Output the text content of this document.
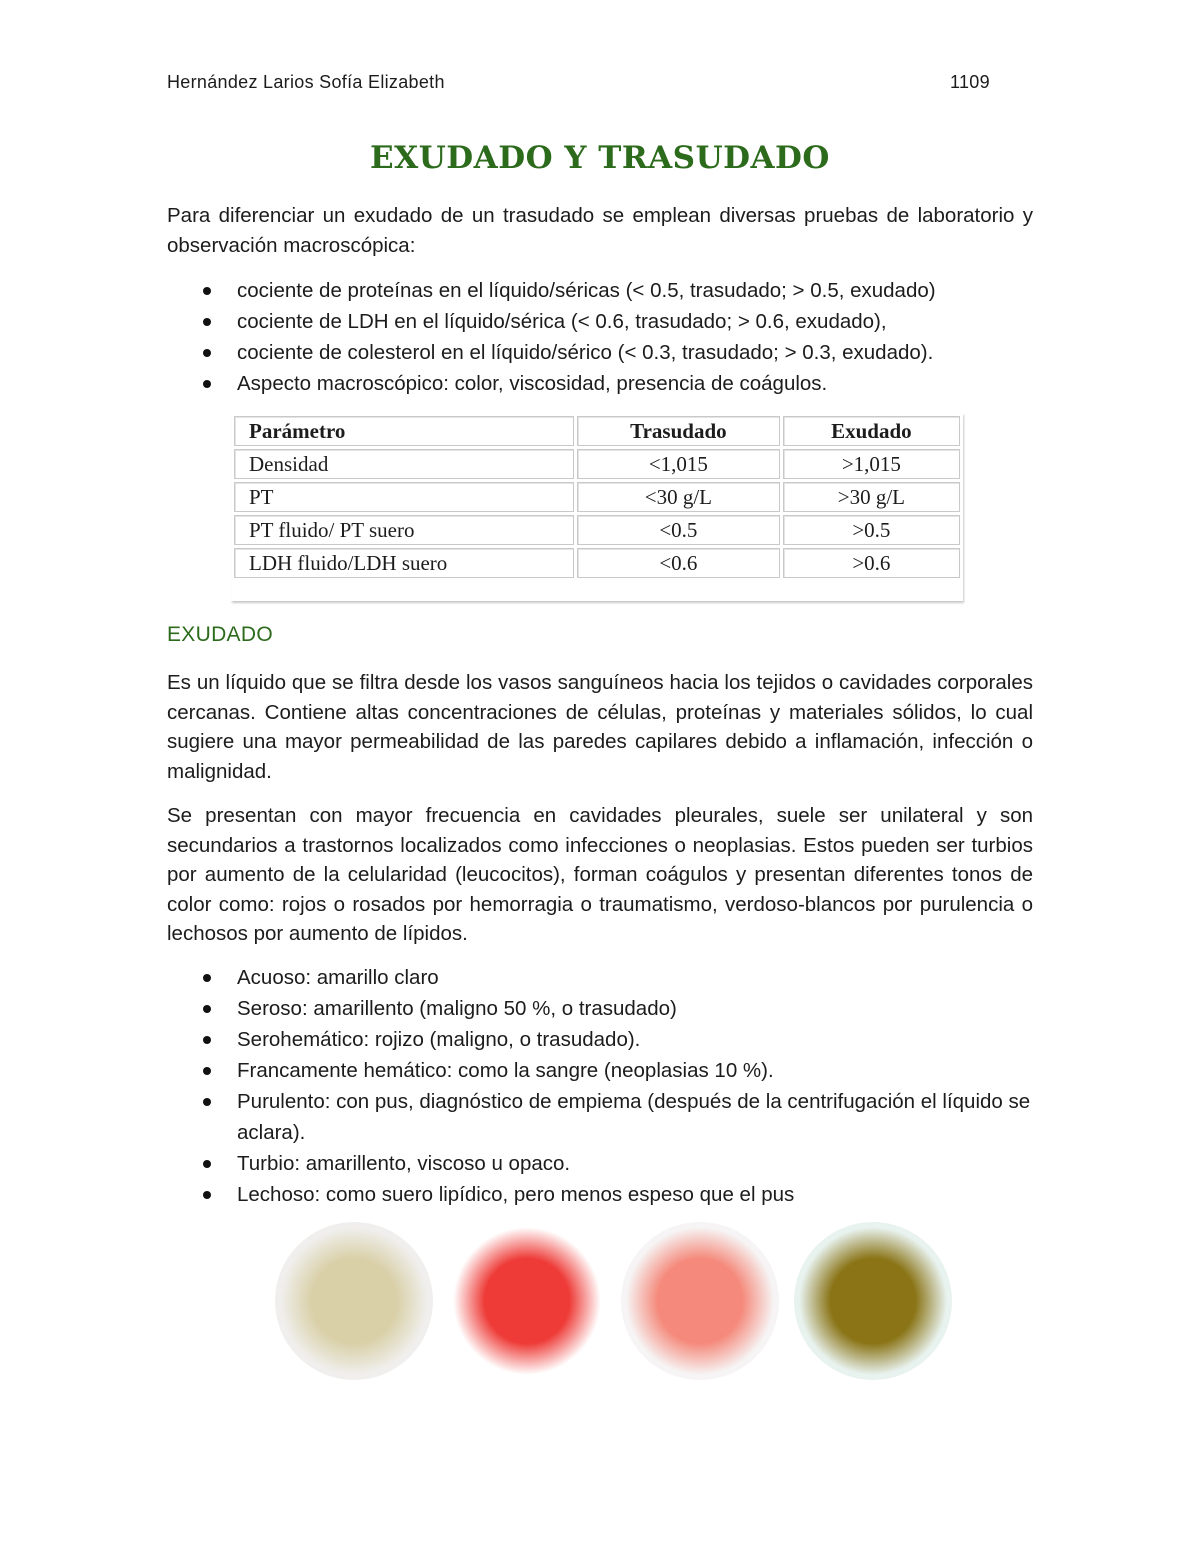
Hernández Larios Sofía Elizabeth	1109
EXUDADO Y TRASUDADO

Para diferenciar un exudado de un trasudado se emplean diversas pruebas de laboratorio y observación macroscópica:

cociente de proteínas en el líquido/séricas (< 0.5, trasudado; > 0.5, exudado)
cociente de LDH en el líquido/sérica (< 0.6, trasudado; > 0.6, exudado),
cociente de colesterol en el líquido/sérico (< 0.3, trasudado; > 0.3, exudado).
Aspecto macroscópico: color, viscosidad, presencia de coágulos.
Parámetro	Trasudado	Exudado
Densidad	<1,015	>1,015
PT	<30 g/L	>30 g/L
PT fluido/ PT suero	<0.5	>0.5
LDH fluido/LDH suero	<0.6	>0.6
EXUDADO

Es un líquido que se filtra desde los vasos sanguíneos hacia los tejidos o cavidades corporales cercanas. Contiene altas concentraciones de células, proteínas y materiales sólidos, lo cual sugiere una mayor permeabilidad de las paredes capilares debido a inflamación, infección o malignidad.

Se presentan con mayor frecuencia en cavidades pleurales, suele ser unilateral y son secundarios a trastornos localizados como infecciones o neoplasias. Estos pueden ser turbios por aumento de la celularidad (leucocitos), forman coágulos y presentan diferentes tonos de color como: rojos o rosados por hemorragia o traumatismo, verdoso-blancos por purulencia o lechosos por aumento de lípidos.

Acuoso: amarillo claro
Seroso: amarillento (maligno 50 %, o trasudado)
Serohemático: rojizo (maligno, o trasudado).
Francamente hemático: como la sangre (neoplasias 10 %).
Purulento: con pus, diagnóstico de empiema (después de la centrifugación el líquido se aclara).
Turbio: amarillento, viscoso u opaco.
Lechoso: como suero lipídico, pero menos espeso que el pus
